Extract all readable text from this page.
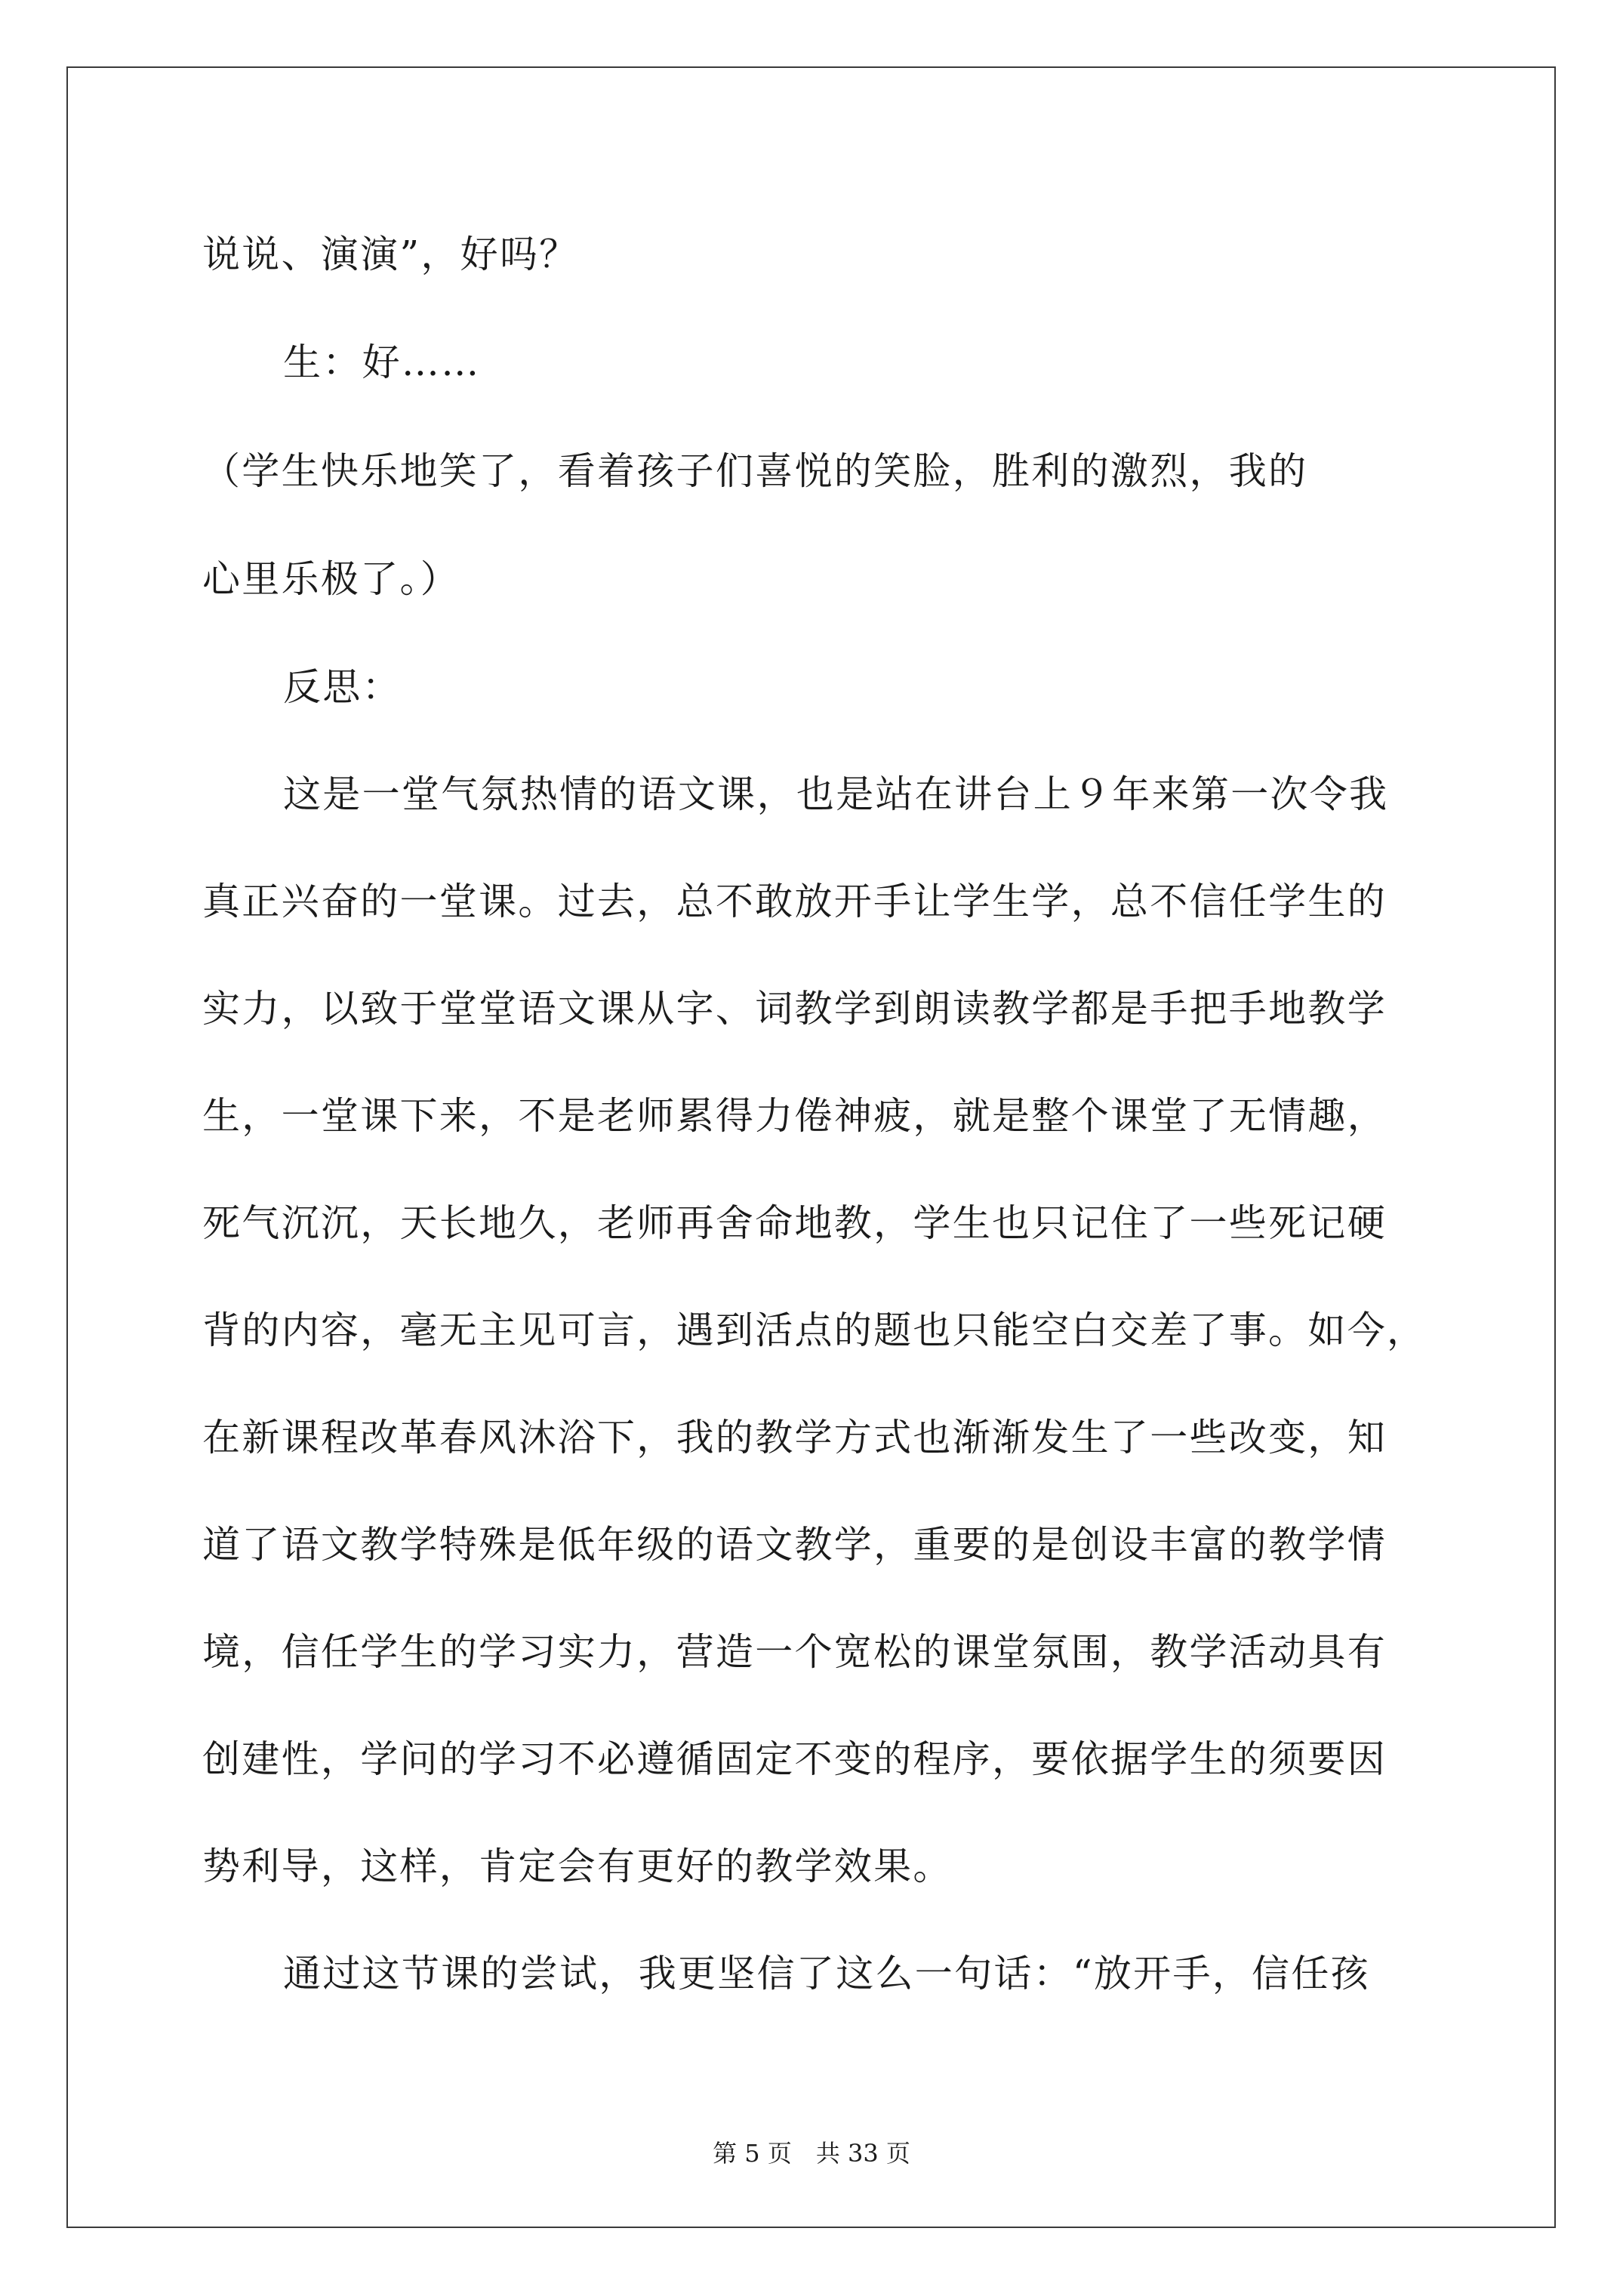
说说、演演”，好吗？
生：好……
（学生快乐地笑了，看着孩子们喜悦的笑脸，胜利的激烈，我的
心里乐极了。）
反思：
这是一堂气氛热情的语文课，也是站在讲台上９年来第一次令我
真正兴奋的一堂课。过去，总不敢放开手让学生学，总不信任学生的
实力，以致于堂堂语文课从字、词教学到朗读教学都是手把手地教学
生，一堂课下来，不是老师累得力倦神疲，就是整个课堂了无情趣，
死气沉沉，天长地久，老师再舍命地教，学生也只记住了一些死记硬
背的内容，毫无主见可言，遇到活点的题也只能空白交差了事。如今，
在新课程改革春风沐浴下，我的教学方式也渐渐发生了一些改变，知
道了语文教学特殊是低年级的语文教学，重要的是创设丰富的教学情
境，信任学生的学习实力，营造一个宽松的课堂氛围，教学活动具有
创建性，学问的学习不必遵循固定不变的程序，要依据学生的须要因
势利导，这样，肯定会有更好的教学效果。
通过这节课的尝试，我更坚信了这么一句话：“放开手，信任孩
第 5 页　共 33 页
